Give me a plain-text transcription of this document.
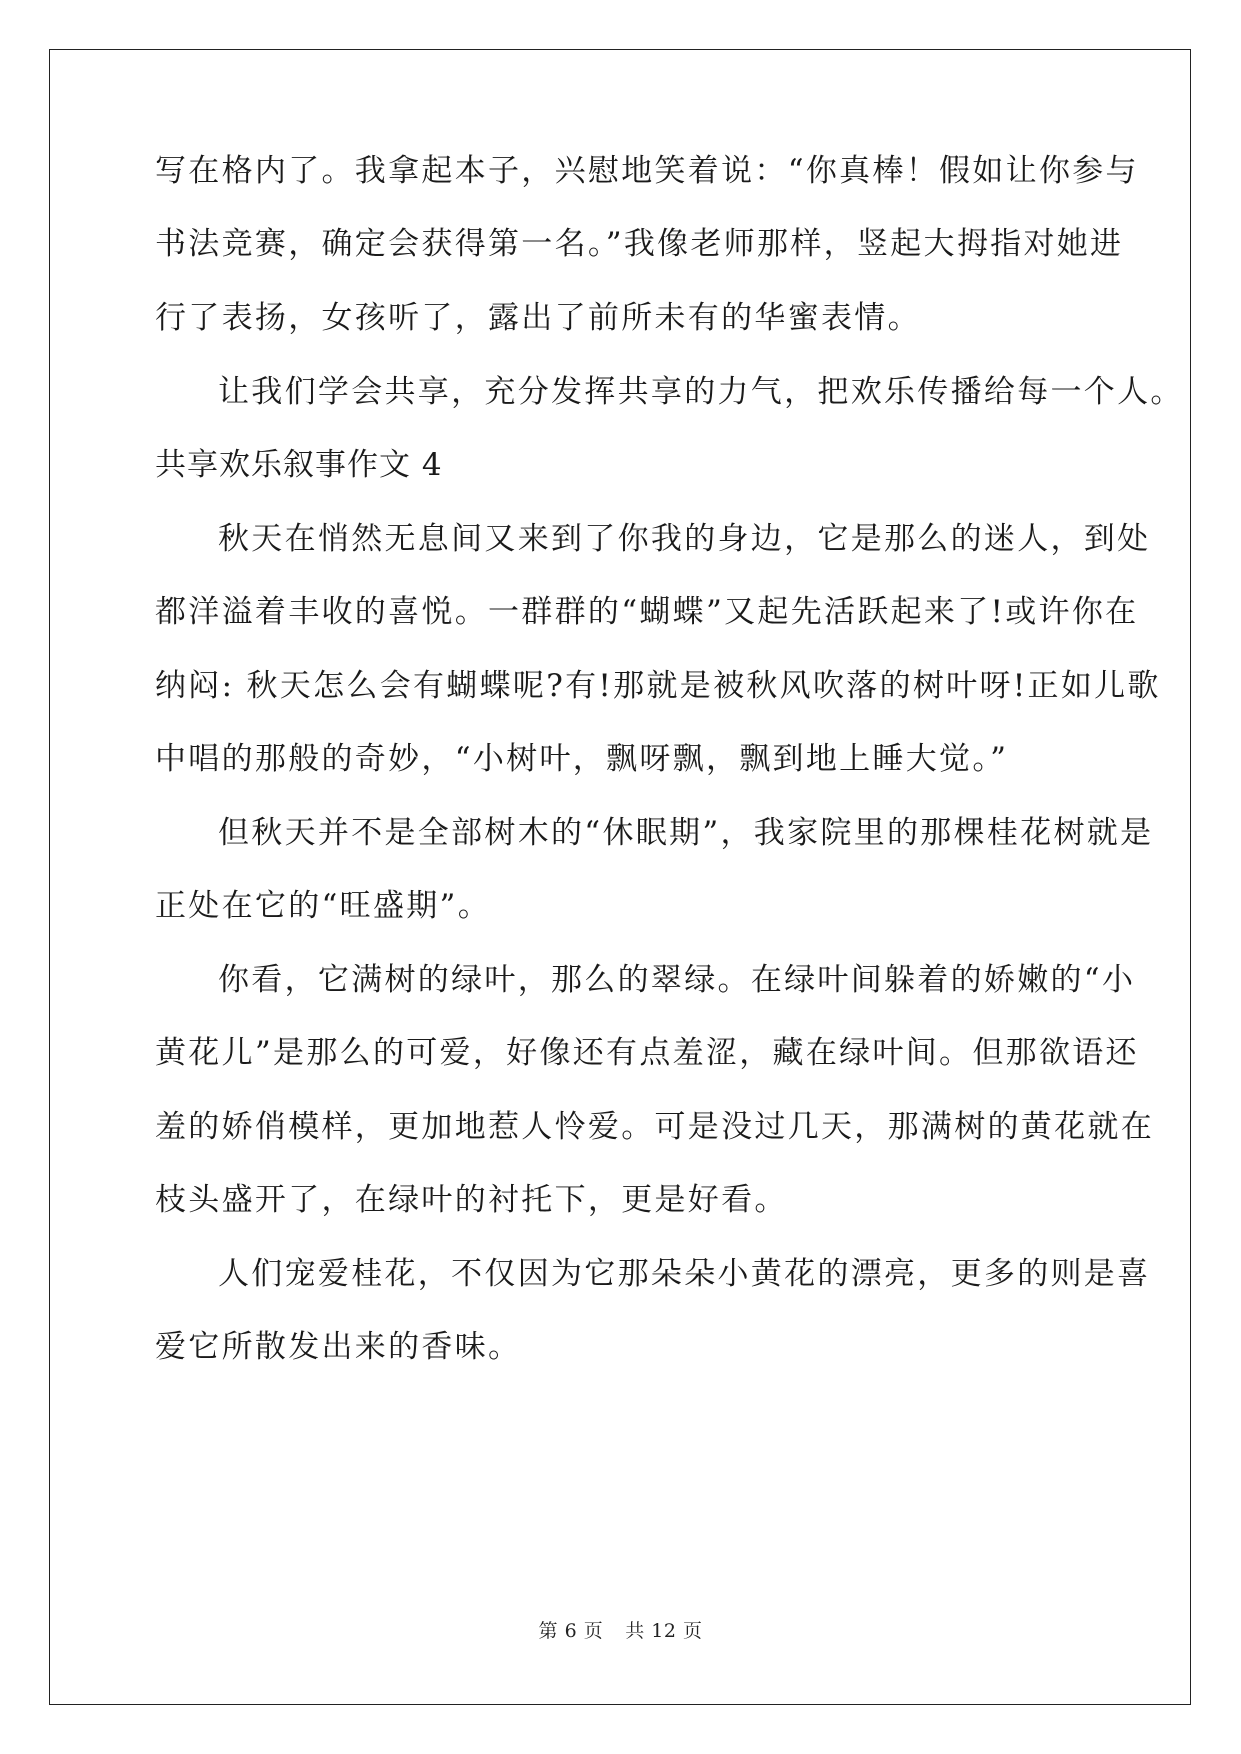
写在格内了。我拿起本子，兴慰地笑着说：“你真棒！假如让你参与
书法竞赛，确定会获得第一名。”我像老师那样，竖起大拇指对她进
行了表扬，女孩听了，露出了前所未有的华蜜表情。
让我们学会共享，充分发挥共享的力气，把欢乐传播给每一个人。
共享欢乐叙事作文 4
秋天在悄然无息间又来到了你我的身边，它是那么的迷人，到处
都洋溢着丰收的喜悦。一群群的“蝴蝶”又起先活跃起来了!或许你在
纳闷: 秋天怎么会有蝴蝶呢?有!那就是被秋风吹落的树叶呀!正如儿歌
中唱的那般的奇妙，“小树叶，飘呀飘，飘到地上睡大觉。”
但秋天并不是全部树木的“休眠期”，我家院里的那棵桂花树就是
正处在它的“旺盛期”。
你看，它满树的绿叶，那么的翠绿。在绿叶间躲着的娇嫩的“小
黄花儿”是那么的可爱，好像还有点羞涩，藏在绿叶间。但那欲语还
羞的娇俏模样，更加地惹人怜爱。可是没过几天，那满树的黄花就在
枝头盛开了，在绿叶的衬托下，更是好看。
人们宠爱桂花，不仅因为它那朵朵小黄花的漂亮，更多的则是喜
爱它所散发出来的香味。
第 6 页 共 12 页
